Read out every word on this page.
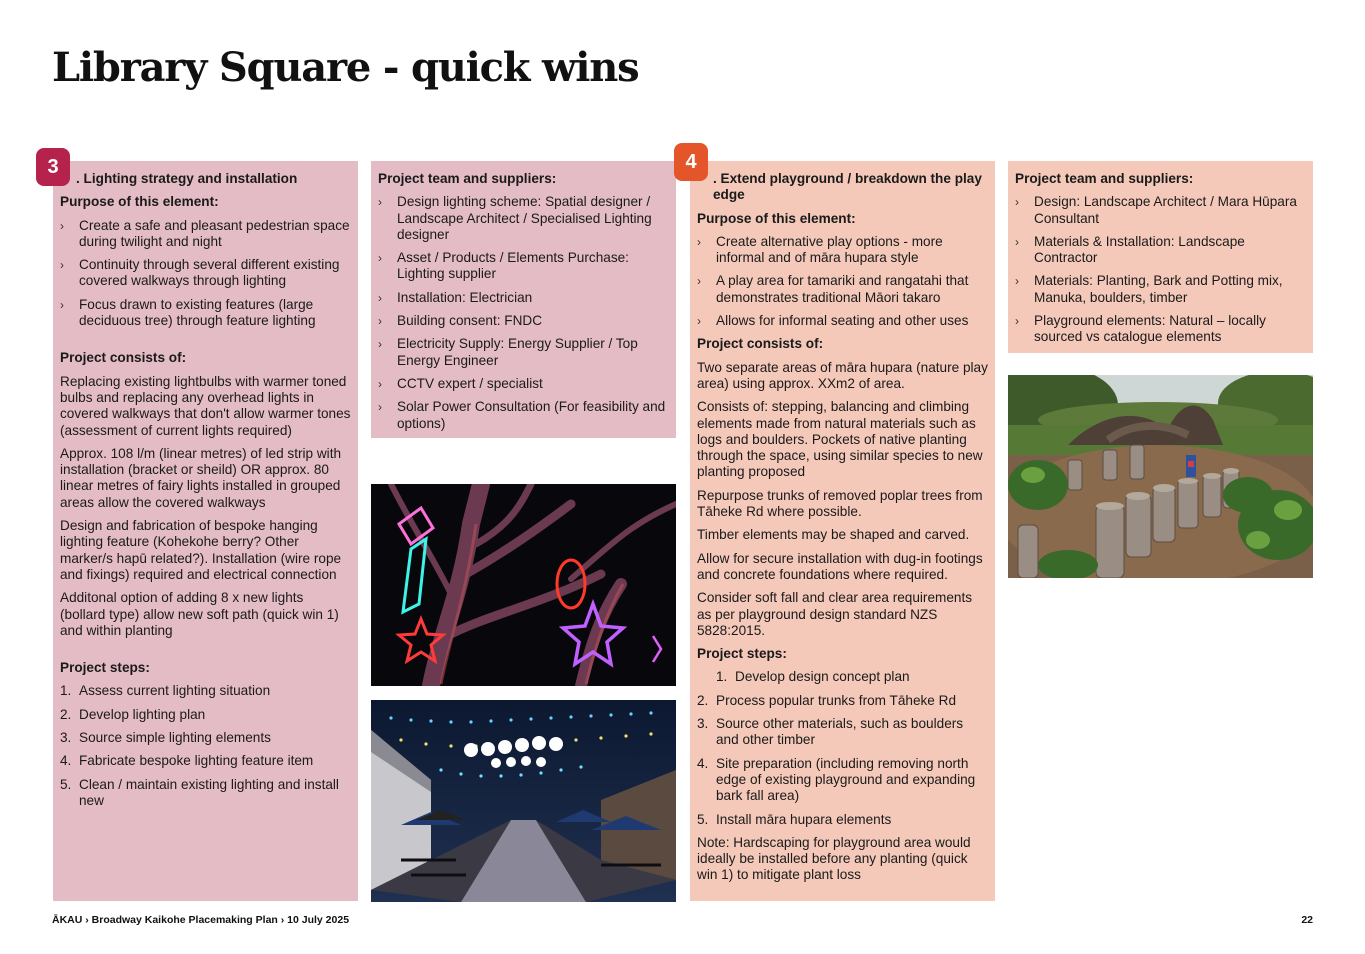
Library Square - quick wins
. Lighting strategy and installation
Purpose of this element:
› Create a safe and pleasant pedestrian space during twilight and night
› Continuity through several different existing covered walkways through lighting
› Focus drawn to existing features (large deciduous tree) through feature lighting
Project consists of:

Replacing existing lightbulbs with warmer toned bulbs and replacing any overhead lights in covered walkways that don't allow warmer tones (assessment of current lights required)

Approx. 108 l/m (linear metres) of led strip with installation (bracket or sheild) OR approx. 80 linear metres of fairy lights installed in grouped areas allow the covered walkways

Design and fabrication of bespoke hanging lighting feature (Kohekohe berry? Other marker/s hapū related?). Installation (wire rope and fixings) required and electrical connection

Additonal option of adding 8 x new lights (bollard type) allow new soft path (quick win 1) and within planting

Project steps:
1. Assess current lighting situation
2. Develop lighting plan
3. Source simple lighting elements
4. Fabricate bespoke lighting feature item
5. Clean / maintain existing lighting and install new
Project team and suppliers:
› Design lighting scheme: Spatial designer / Landscape Architect / Specialised Lighting designer
› Asset / Products / Elements Purchase: Lighting supplier
› Installation: Electrician
› Building consent: FNDC
› Electricity Supply: Energy Supplier / Top Energy Engineer
› CCTV expert / specialist
› Solar Power Consultation (For feasibility and options)
. Extend playground / breakdown the play edge
Purpose of this element:
› Create alternative play options - more informal and of māra hupara style
› A play area for tamariki and rangatahi that demonstrates traditional Māori takaro
› Allows for informal seating and other uses
Project consists of:

Two separate areas of māra hupara (nature play area) using approx. XXm2 of area.

Consists of: stepping, balancing and climbing elements made from natural materials such as logs and boulders. Pockets of native planting through the space, using similar species to new planting proposed

Repurpose trunks of removed poplar trees from Tāheke Rd where possible.

Timber elements may be shaped and carved.

Allow for secure installation with dug-in footings and concrete foundations where required.

Consider soft fall and clear area requirements as per playground design standard NZS 5828:2015.

Project steps:
1. Develop design concept plan
2. Process popular trunks from Tāheke Rd
3. Source other materials, such as boulders and other timber
4. Site preparation (including removing north edge of existing playground and expanding bark fall area)
5. Install māra hupara elements

Note: Hardscaping for playground area would ideally be installed before any planting (quick win 1) to mitigate plant loss

Project team and suppliers:
› Design: Landscape Architect / Mara Hūpara Consultant
› Materials & Installation: Landscape Contractor
› Materials: Planting, Bark and Potting mix, Manuka, boulders, timber
› Playground elements: Natural – locally sourced vs catalogue elements
3	4
ĀKAU › Broadway Kaikohe Placemaking Plan › 10 July 2025	22
